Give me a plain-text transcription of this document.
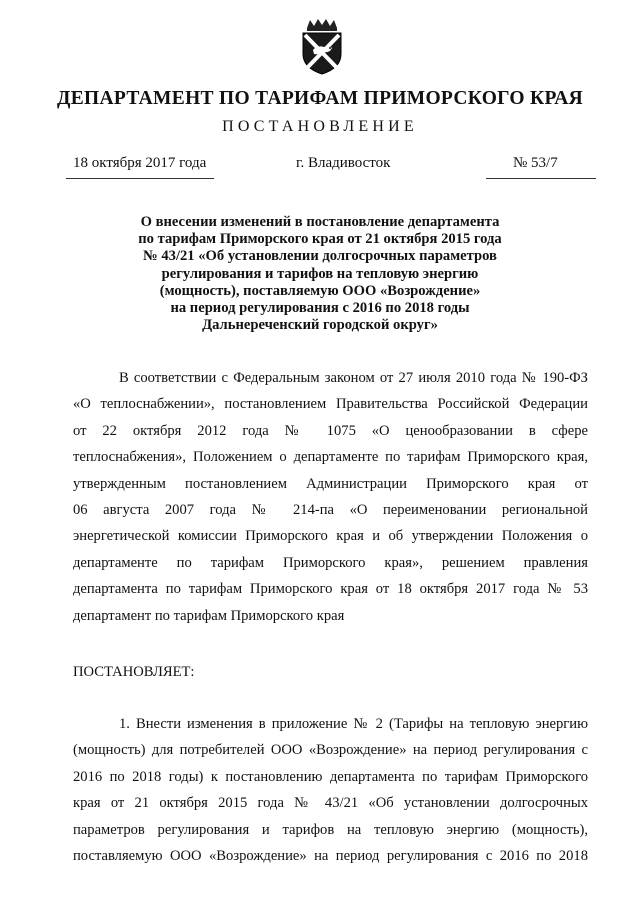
ДЕПАРТАМЕНТ ПО ТАРИФАМ ПРИМОРСКОГО КРАЯ
ПОСТАНОВЛЕНИЕ
18 октября 2017 года	г. Владивосток	№ 53/7
О внесении изменений в постановление департамента
по тарифам Приморского края от 21 октября 2015 года
№ 43/21 «Об установлении долгосрочных параметров
регулирования и тарифов на тепловую энергию
(мощность), поставляемую ООО «Возрождение»
на период регулирования с 2016 по 2018 годы
Дальнереченский городской округ»
В соответствии с Федеральным законом от 27 июля 2010 года № 190-ФЗ
«О теплоснабжении», постановлением Правительства Российской Федерации
от 22 октября 2012 года № 1075 «О ценообразовании в сфере
теплоснабжения», Положением о департаменте по тарифам Приморского края,
утвержденным постановлением Администрации Приморского края от
06 августа 2007 года № 214-па «О переименовании региональной
энергетической комиссии Приморского края и об утверждении Положения о
департаменте по тарифам Приморского края», решением правления
департамента по тарифам Приморского края от 18 октября 2017 года № 53
департамент по тарифам Приморского края
ПОСТАНОВЛЯЕТ:
1. Внести изменения в приложение № 2 (Тарифы на тепловую энергию
(мощность) для потребителей ООО «Возрождение» на период регулирования с
2016 по 2018 годы) к постановлению департамента по тарифам Приморского
края от 21 октября 2015 года № 43/21 «Об установлении долгосрочных
параметров регулирования и тарифов на тепловую энергию (мощность),
поставляемую ООО «Возрождение» на период регулирования с 2016 по 2018
